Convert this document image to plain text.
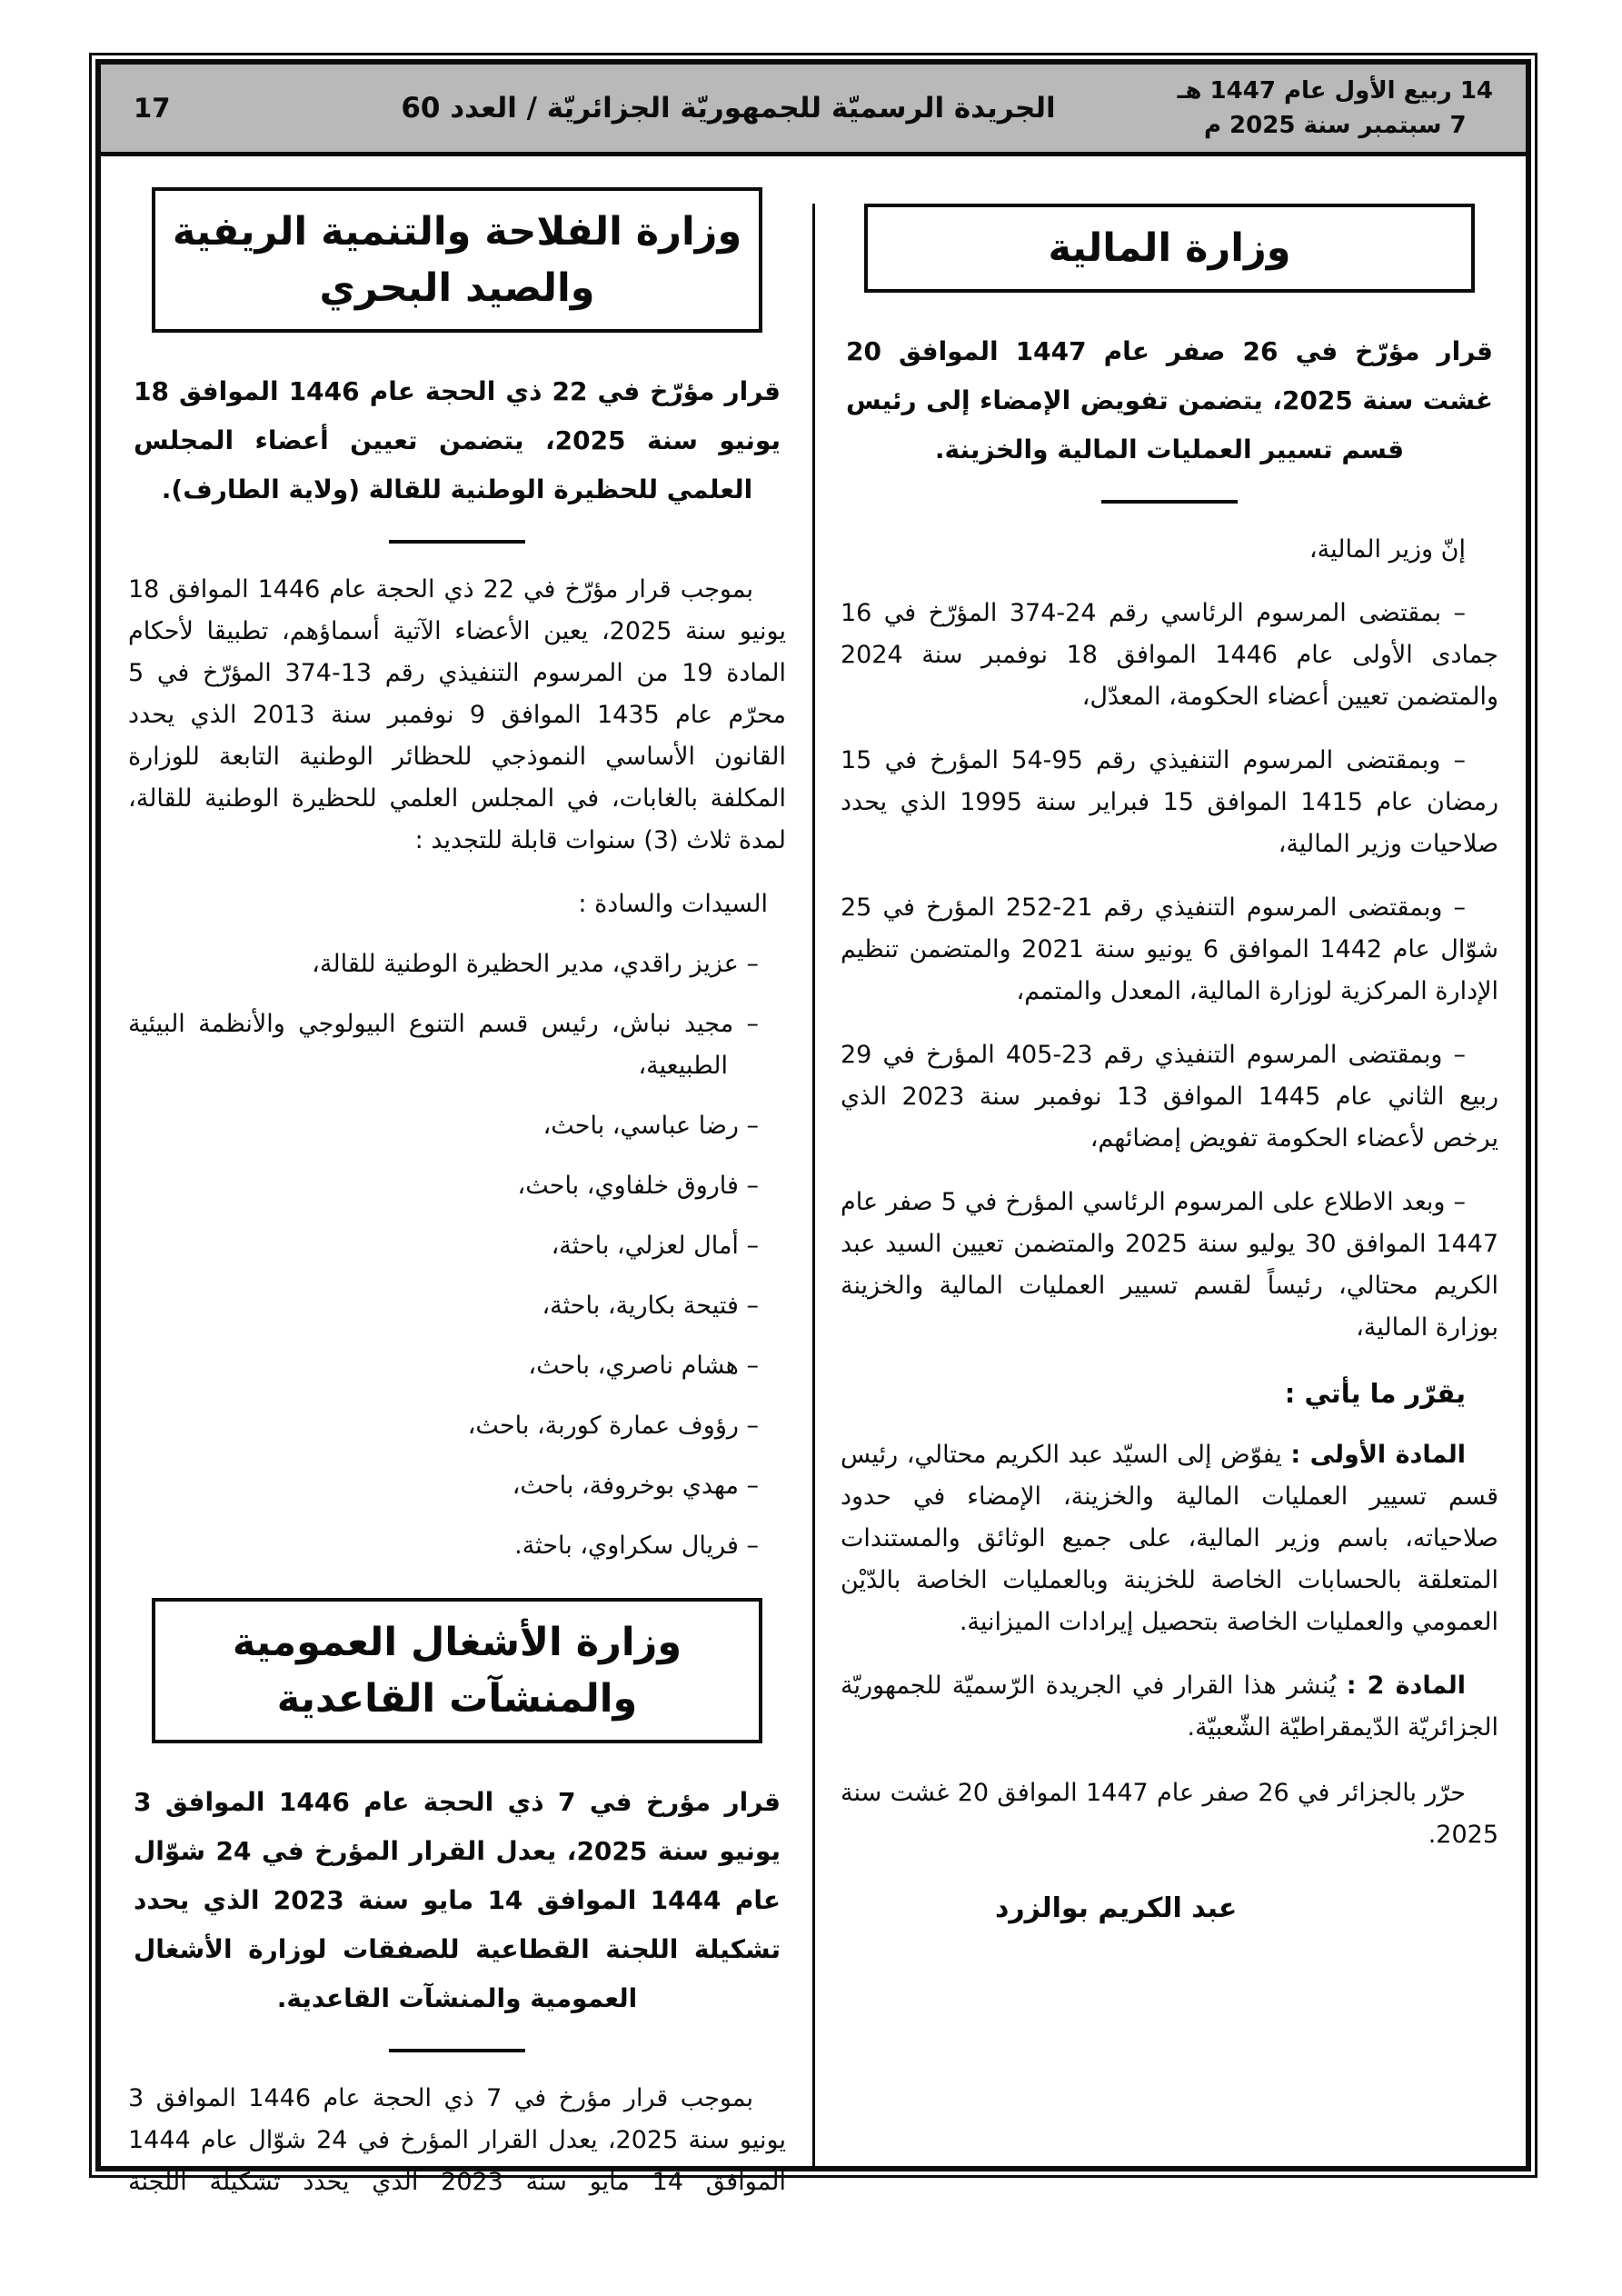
14 ربيع الأول عام 1447 هـ
7 سبتمبر سنة 2025 م
الجريدة الرسميّة للجمهوريّة الجزائريّة / العدد 60
17
وزارة المالية

قرار مؤرّخ في 26 صفر عام 1447 الموافق 20 غشت سنة 2025، يتضمن تفويض الإمضاء إلى رئيس قسم تسيير العمليات المالية والخزينة.

إنّ وزير المالية،

– بمقتضى المرسوم الرئاسي رقم 24-374 المؤرّخ في 16 جمادى الأولى عام 1446 الموافق 18 نوفمبر سنة 2024 والمتضمن تعيين أعضاء الحكومة، المعدّل،

– وبمقتضى المرسوم التنفيذي رقم 95-54 المؤرخ في 15 رمضان عام 1415 الموافق 15 فبراير سنة 1995 الذي يحدد صلاحيات وزير المالية،

– وبمقتضى المرسوم التنفيذي رقم 21-252 المؤرخ في 25 شوّال عام 1442 الموافق 6 يونيو سنة 2021 والمتضمن تنظيم الإدارة المركزية لوزارة المالية، المعدل والمتمم،

– وبمقتضى المرسوم التنفيذي رقم 23-405 المؤرخ في 29 ربيع الثاني عام 1445 الموافق 13 نوفمبر سنة 2023 الذي يرخص لأعضاء الحكومة تفويض إمضائهم،

– وبعد الاطلاع على المرسوم الرئاسي المؤرخ في 5 صفر عام 1447 الموافق 30 يوليو سنة 2025 والمتضمن تعيين السيد عبد الكريم محتالي، رئيساً لقسم تسيير العمليات المالية والخزينة بوزارة المالية،

يقرّر ما يأتي :

المادة الأولى : يفوّض إلى السيّد عبد الكريم محتالي، رئيس قسم تسيير العمليات المالية والخزينة، الإمضاء في حدود صلاحياته، باسم وزير المالية، على جميع الوثائق والمستندات المتعلقة بالحسابات الخاصة للخزينة وبالعمليات الخاصة بالدّيْن العمومي والعمليات الخاصة بتحصيل إيرادات الميزانية.

المادة 2 : يُنشر هذا القرار في الجريدة الرّسميّة للجمهوريّة الجزائريّة الدّيمقراطيّة الشّعبيّة.

حرّر بالجزائر في 26 صفر عام 1447 الموافق 20 غشت سنة 2025.

عبد الكريم بوالزرد

وزارة الفلاحة والتنمية الريفية
والصيد البحري

قرار مؤرّخ في 22 ذي الحجة عام 1446 الموافق 18 يونيو سنة 2025، يتضمن تعيين أعضاء المجلس العلمي للحظيرة الوطنية للقالة (ولاية الطارف).

بموجب قرار مؤرّخ في 22 ذي الحجة عام 1446 الموافق 18 يونيو سنة 2025، يعين الأعضاء الآتية أسماؤهم، تطبيقا لأحكام المادة 19 من المرسوم التنفيذي رقم 13-374 المؤرّخ في 5 محرّم عام 1435 الموافق 9 نوفمبر سنة 2013 الذي يحدد القانون الأساسي النموذجي للحظائر الوطنية التابعة للوزارة المكلفة بالغابات، في المجلس العلمي للحظيرة الوطنية للقالة، لمدة ثلاث (3) سنوات قابلة للتجديد :

السيدات والسادة :

– عزيز راقدي، مدير الحظيرة الوطنية للقالة،
– مجيد نباش، رئيس قسم التنوع البيولوجي والأنظمة البيئية الطبيعية،
– رضا عباسي، باحث،
– فاروق خلفاوي، باحث،
– أمال لعزلي، باحثة،
– فتيحة بكارية، باحثة،
– هشام ناصري، باحث،
– رؤوف عمارة كوربة، باحث،
– مهدي بوخروفة، باحث،
– فريال سكراوي، باحثة.
وزارة الأشغال العمومية
والمنشآت القاعدية

قرار مؤرخ في 7 ذي الحجة عام 1446 الموافق 3 يونيو سنة 2025، يعدل القرار المؤرخ في 24 شوّال عام 1444 الموافق 14 مايو سنة 2023 الذي يحدد تشكيلة اللجنة القطاعية للصفقات لوزارة الأشغال العمومية والمنشآت القاعدية.

بموجب قرار مؤرخ في 7 ذي الحجة عام 1446 الموافق 3 يونيو سنة 2025، يعدل القرار المؤرخ في 24 شوّال عام 1444 الموافق 14 مايو سنة 2023 الذي يحدد تشكيلة اللجنة
